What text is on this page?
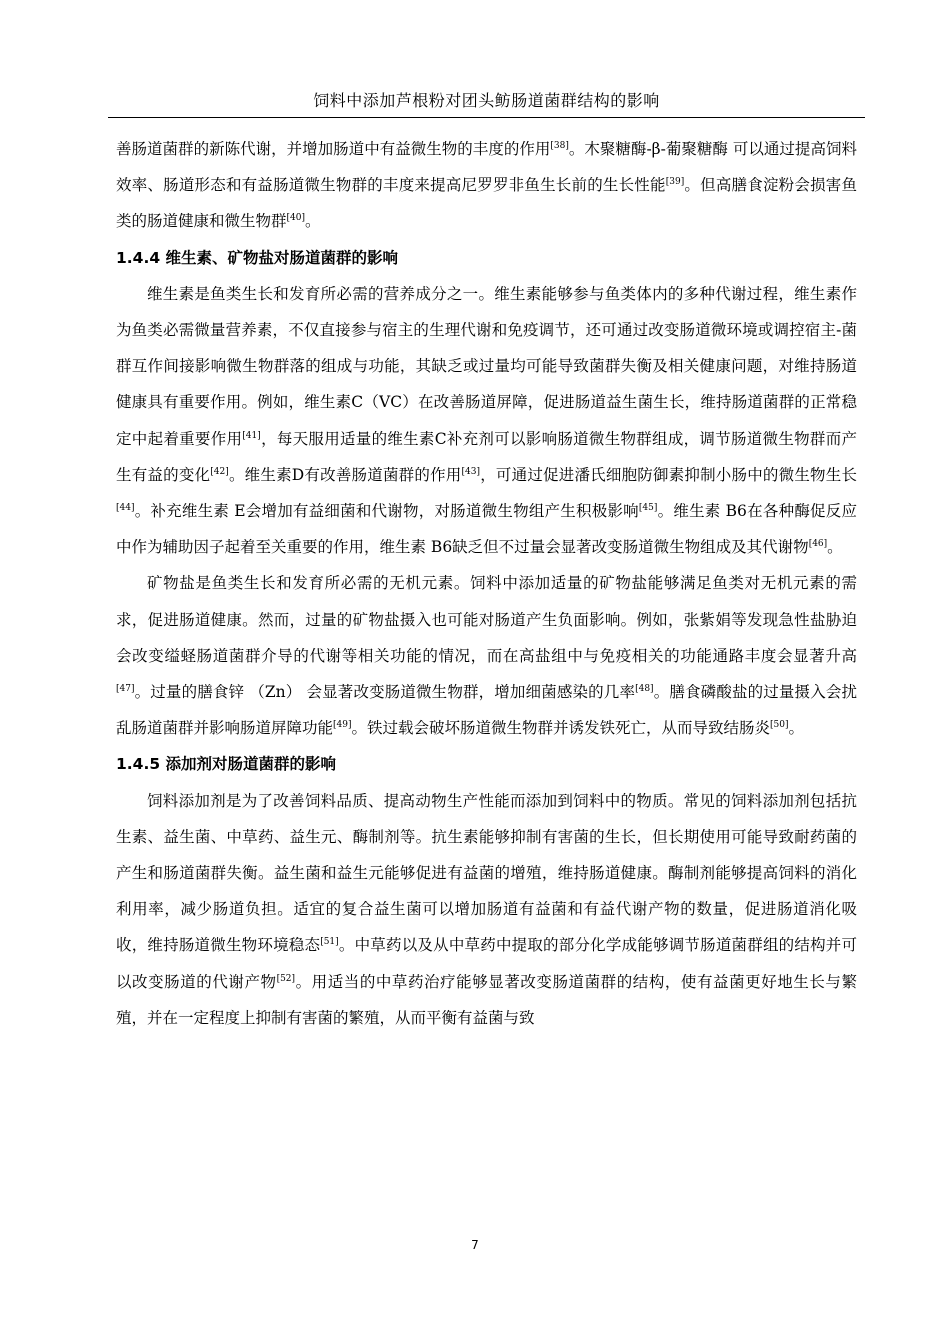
饲料中添加芦根粉对团头鲂肠道菌群结构的影响

善肠道菌群的新陈代谢，并增加肠道中有益微生物的丰度的作用[38]。木聚糖酶-β-葡聚糖酶 可以通过提高饲料效率、肠道形态和有益肠道微生物群的丰度来提高尼罗罗非鱼生长前的生长性能[39]。但高膳食淀粉会损害鱼类的肠道健康和微生物群[40]。

1.4.4 维生素、矿物盐对肠道菌群的影响

维生素是鱼类生长和发育所必需的营养成分之一。维生素能够参与鱼类体内的多种代谢过程，维生素作为鱼类必需微量营养素，不仅直接参与宿主的生理代谢和免疫调节，还可通过改变肠道微环境或调控宿主-菌群互作间接影响微生物群落的组成与功能，其缺乏或过量均可能导致菌群失衡及相关健康问题，对维持肠道健康具有重要作用。例如，维生素C（VC）在改善肠道屏障，促进肠道益生菌生长，维持肠道菌群的正常稳定中起着重要作用[41]，每天服用适量的维生素C补充剂可以影响肠道微生物群组成，调节肠道微生物群而产生有益的变化[42]。维生素D有改善肠道菌群的作用[43]，可通过促进潘氏细胞防御素抑制小肠中的微生物生长[44]。补充维生素 E会增加有益细菌和代谢物，对肠道微生物组产生积极影响[45]。维生素 B6在各种酶促反应中作为辅助因子起着至关重要的作用，维生素 B6缺乏但不过量会显著改变肠道微生物组成及其代谢物[46]。

矿物盐是鱼类生长和发育所必需的无机元素。饲料中添加适量的矿物盐能够满足鱼类对无机元素的需求，促进肠道健康。然而，过量的矿物盐摄入也可能对肠道产生负面影响。例如，张紫娟等发现急性盐胁迫会改变缢蛏肠道菌群介导的代谢等相关功能的情况，而在高盐组中与免疫相关的功能通路丰度会显著升高[47]。过量的膳食锌 （Zn） 会显著改变肠道微生物群，增加细菌感染的几率[48]。膳食磷酸盐的过量摄入会扰乱肠道菌群并影响肠道屏障功能[49]。铁过载会破坏肠道微生物群并诱发铁死亡，从而导致结肠炎[50]。

1.4.5 添加剂对肠道菌群的影响

饲料添加剂是为了改善饲料品质、提高动物生产性能而添加到饲料中的物质。常见的饲料添加剂包括抗生素、益生菌、中草药、益生元、酶制剂等。抗生素能够抑制有害菌的生长，但长期使用可能导致耐药菌的产生和肠道菌群失衡。益生菌和益生元能够促进有益菌的增殖，维持肠道健康。酶制剂能够提高饲料的消化利用率，减少肠道负担。适宜的复合益生菌可以增加肠道有益菌和有益代谢产物的数量，促进肠道消化吸收，维持肠道微生物环境稳态[51]。中草药以及从中草药中提取的部分化学成能够调节肠道菌群组的结构并可以改变肠道的代谢产物[52]。用适当的中草药治疗能够显著改变肠道菌群的结构，使有益菌更好地生长与繁殖，并在一定程度上抑制有害菌的繁殖，从而平衡有益菌与致

7
